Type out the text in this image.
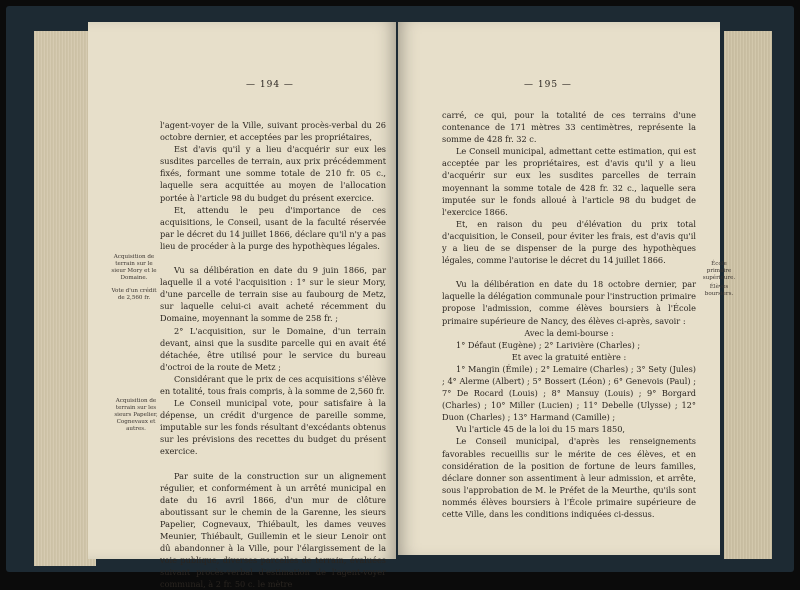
— 194 —

l'agent-voyer de la Ville, suivant procès-verbal du 26 octobre dernier, et acceptées par les propriétaires,

Est d'avis qu'il y a lieu d'acquérir sur eux les susdites parcelles de terrain, aux prix précédemment fixés, formant une somme totale de 210 fr. 05 c., laquelle sera acquittée au moyen de l'allocation portée à l'article 98 du budget du présent exercice.

Et, attendu le peu d'importance de ces acquisitions, le Conseil, usant de la faculté réservée par le décret du 14 juillet 1866, déclare qu'il n'y a pas lieu de procéder à la purge des hypothèques légales.

Vu sa délibération en date du 9 juin 1866, par laquelle il a voté l'acquisition : 1° sur le sieur Mory, d'une parcelle de terrain sise au faubourg de Metz, sur laquelle celui-ci avait acheté récemment du Domaine, moyennant la somme de 258 fr. ;

2° L'acquisition, sur le Domaine, d'un terrain devant, ainsi que la susdite parcelle qui en avait été détachée, être utilisé pour le service du bureau d'octroi de la route de Metz ;

Considérant que le prix de ces acquisitions s'élève en totalité, tous frais compris, à la somme de 2,560 fr.

Le Conseil municipal vote, pour satisfaire à la dépense, un crédit d'urgence de pareille somme, imputable sur les fonds résultant d'excédants obtenus sur les prévisions des recettes du budget du présent exercice.

Par suite de la construction sur un alignement régulier, et conformément à un arrêté municipal en date du 16 avril 1866, d'un mur de clôture aboutissant sur le chemin de la Garenne, les sieurs Papelier, Cognevaux, Thiébault, les dames veuves Meunier, Thiébault, Guillemin et le sieur Lenoir ont dû abandonner à la Ville, pour l'élargissement de la voie publique, diverses parcelles de terrain, évaluées suivant procès-verbal d'estimation de l'agent-voyer communal, à 2 fr. 50 c. le mètre

Acquisition de terrain sur le sieur Mory et le Domaine.
Vote d'un crédit de 2,560 fr.
Acquisition de terrain sur les sieurs Papelier, Cognevaux et autres.
— 195 —

carré, ce qui, pour la totalité de ces terrains d'une contenance de 171 mètres 33 centimètres, représente la somme de 428 fr. 32 c.

Le Conseil municipal, admettant cette estimation, qui est acceptée par les propriétaires, est d'avis qu'il y a lieu d'acquérir sur eux les susdites parcelles de terrain moyennant la somme totale de 428 fr. 32 c., laquelle sera imputée sur le fonds alloué à l'article 98 du budget de l'exercice 1866.

Et, en raison du peu d'élévation du prix total d'acquisition, le Conseil, pour éviter les frais, est d'avis qu'il y a lieu de se dispenser de la purge des hypothèques légales, comme l'autorise le décret du 14 juillet 1866.

Vu la délibération en date du 18 octobre dernier, par laquelle la délégation communale pour l'instruction primaire propose l'admission, comme élèves boursiers à l'École primaire supérieure de Nancy, des élèves ci-après, savoir :

Avec la demi-bourse :

1° Défaut (Eugène) ; 2° Larivière (Charles) ;

Et avec la gratuité entière :

1° Mangin (Émile) ; 2° Lemaire (Charles) ; 3° Sety (Jules) ; 4° Alerme (Albert) ; 5° Bossert (Léon) ; 6° Genevois (Paul) ; 7° De Rocard (Louis) ; 8° Mansuy (Louis) ; 9° Borgard (Charles) ; 10° Miller (Lucien) ; 11° Debelle (Ulysse) ; 12° Duon (Charles) ; 13° Harmand (Camille) ;

Vu l'article 45 de la loi du 15 mars 1850,

Le Conseil municipal, d'après les renseignements favorables recueillis sur le mérite de ces élèves, et en considération de la position de fortune de leurs familles, déclare donner son assentiment à leur admission, et arrête, sous l'approbation de M. le Préfet de la Meurthe, qu'ils sont nommés élèves boursiers à l'École primaire supérieure de cette Ville, dans les conditions indiquées ci-dessus.

École primaire supérieure.
Élèves boursiers.
